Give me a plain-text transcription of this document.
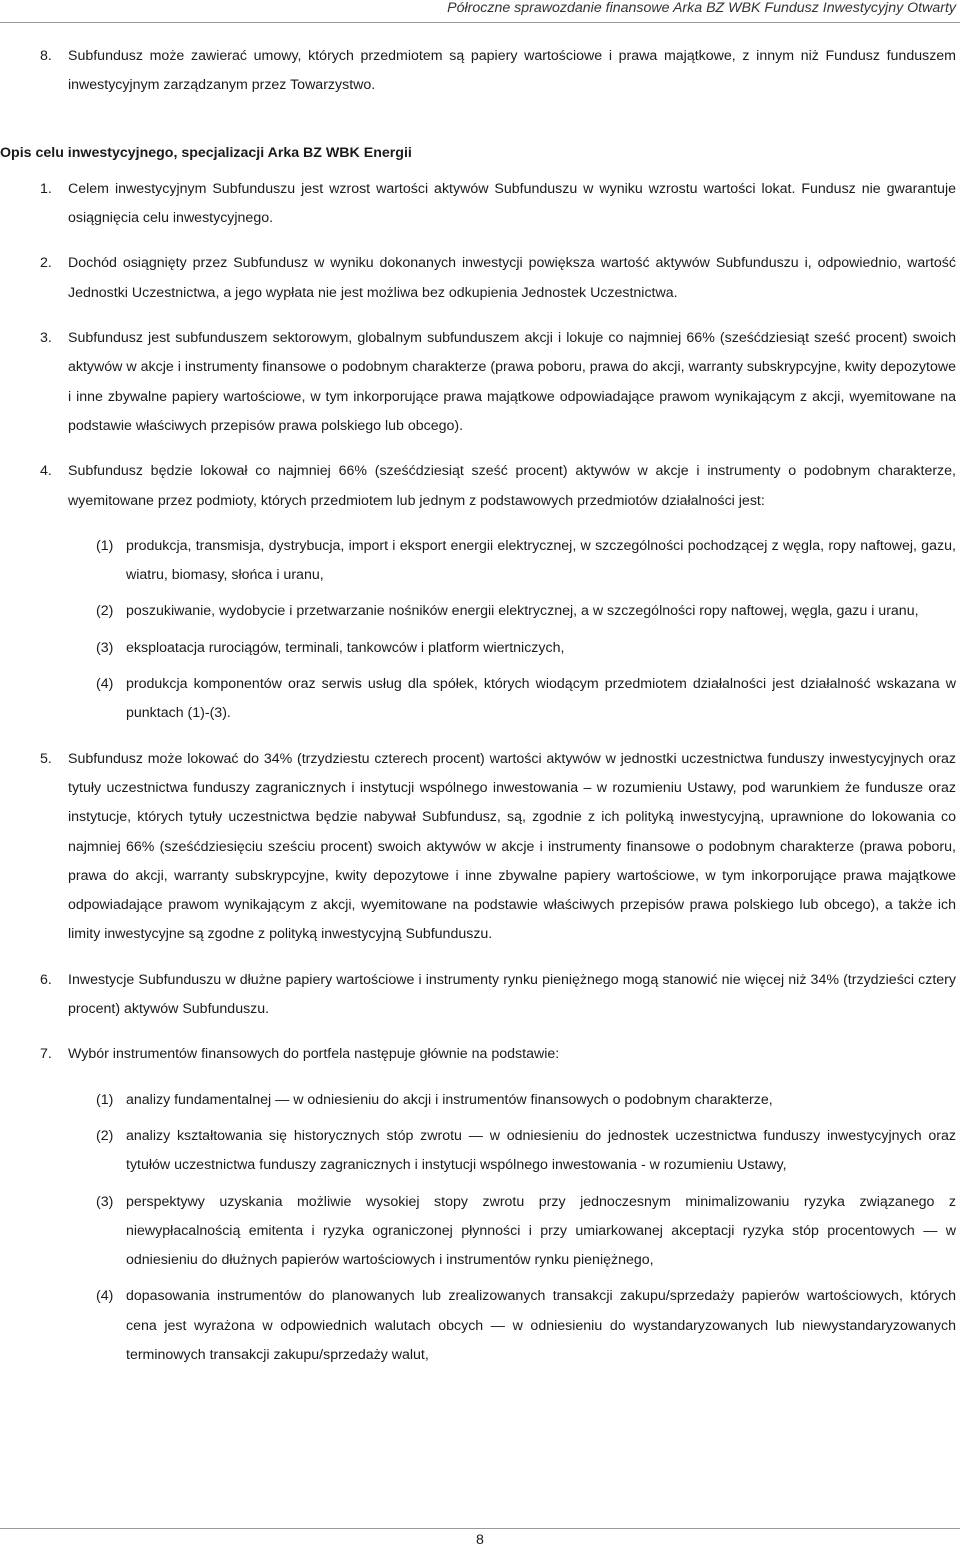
Półroczne sprawozdanie finansowe Arka BZ WBK Fundusz Inwestycyjny Otwarty
8.	Subfundusz może zawierać umowy, których przedmiotem są papiery wartościowe i prawa majątkowe, z innym niż Fundusz funduszem inwestycyjnym zarządzanym przez Towarzystwo.
Opis celu inwestycyjnego, specjalizacji Arka BZ WBK Energii
1.	Celem inwestycyjnym Subfunduszu jest wzrost wartości aktywów Subfunduszu w wyniku wzrostu wartości lokat. Fundusz nie gwarantuje osiągnięcia celu inwestycyjnego.
2.	Dochód osiągnięty przez Subfundusz w wyniku dokonanych inwestycji powiększa wartość aktywów Subfunduszu i, odpowiednio, wartość Jednostki Uczestnictwa, a jego wypłata nie jest możliwa bez odkupienia Jednostek Uczestnictwa.
3.	Subfundusz jest subfunduszem sektorowym, globalnym subfunduszem akcji i lokuje co najmniej 66% (sześćdziesiąt sześć procent) swoich aktywów w akcje i instrumenty finansowe o podobnym charakterze (prawa poboru, prawa do akcji, warranty subskrypcyjne, kwity depozytowe i inne zbywalne papiery wartościowe, w tym inkorporujące prawa majątkowe odpowiadające prawom wynikającym z akcji, wyemitowane na podstawie właściwych przepisów prawa polskiego lub obcego).
4.	Subfundusz będzie lokował co najmniej 66% (sześćdziesiąt sześć procent) aktywów w akcje i instrumenty o podobnym charakterze, wyemitowane przez podmioty, których przedmiotem lub jednym z podstawowych przedmiotów działalności jest:
(1) produkcja, transmisja, dystrybucja, import i eksport energii elektrycznej, w szczególności pochodzącej z węgla, ropy naftowej, gazu, wiatru, biomasy, słońca i uranu,
(2) poszukiwanie, wydobycie i przetwarzanie nośników energii elektrycznej, a w szczególności ropy naftowej, węgla, gazu i uranu,
(3) eksploatacja rurociągów, terminali, tankowców i platform wiertniczych,
(4) produkcja komponentów oraz serwis usług dla spółek, których wiodącym przedmiotem działalności jest działalność wskazana w punktach (1)-(3).
5.	Subfundusz może lokować do 34% (trzydziestu czterech procent) wartości aktywów w jednostki uczestnictwa funduszy inwestycyjnych oraz tytuły uczestnictwa funduszy zagranicznych i instytucji wspólnego inwestowania – w rozumieniu Ustawy, pod warunkiem że fundusze oraz instytucje, których tytuły uczestnictwa będzie nabywał Subfundusz, są, zgodnie z ich polityką inwestycyjną, uprawnione do lokowania co najmniej 66% (sześćdziesięciu sześciu procent) swoich aktywów w akcje i instrumenty finansowe o podobnym charakterze (prawa poboru, prawa do akcji, warranty subskrypcyjne, kwity depozytowe i inne zbywalne papiery wartościowe, w tym inkorporujące prawa majątkowe odpowiadające prawom wynikającym z akcji, wyemitowane na podstawie właściwych przepisów prawa polskiego lub obcego), a także ich limity inwestycyjne są zgodne z polityką inwestycyjną Subfunduszu.
6.	Inwestycje Subfunduszu w dłużne papiery wartościowe i instrumenty rynku pieniężnego mogą stanowić nie więcej niż 34% (trzydzieści cztery procent) aktywów Subfunduszu.
7.	Wybór instrumentów finansowych do portfela następuje głównie na podstawie:
(1) analizy fundamentalnej — w odniesieniu do akcji i instrumentów finansowych o podobnym charakterze,
(2) analizy kształtowania się historycznych stóp zwrotu — w odniesieniu do jednostek uczestnictwa funduszy inwestycyjnych oraz tytułów uczestnictwa funduszy zagranicznych i instytucji wspólnego inwestowania - w rozumieniu Ustawy,
(3) perspektywy uzyskania możliwie wysokiej stopy zwrotu przy jednoczesnym minimalizowaniu ryzyka związanego z niewypłacalnością emitenta i ryzyka ograniczonej płynności i przy umiarkowanej akceptacji ryzyka stóp procentowych — w odniesieniu do dłużnych papierów wartościowych i instrumentów rynku pieniężnego,
(4) dopasowania instrumentów do planowanych lub zrealizowanych transakcji zakupu/sprzedaży papierów wartościowych, których cena jest wyrażona w odpowiednich walutach obcych — w odniesieniu do wystandaryzowanych lub niewystandaryzowanych terminowych transakcji zakupu/sprzedaży walut,
8
